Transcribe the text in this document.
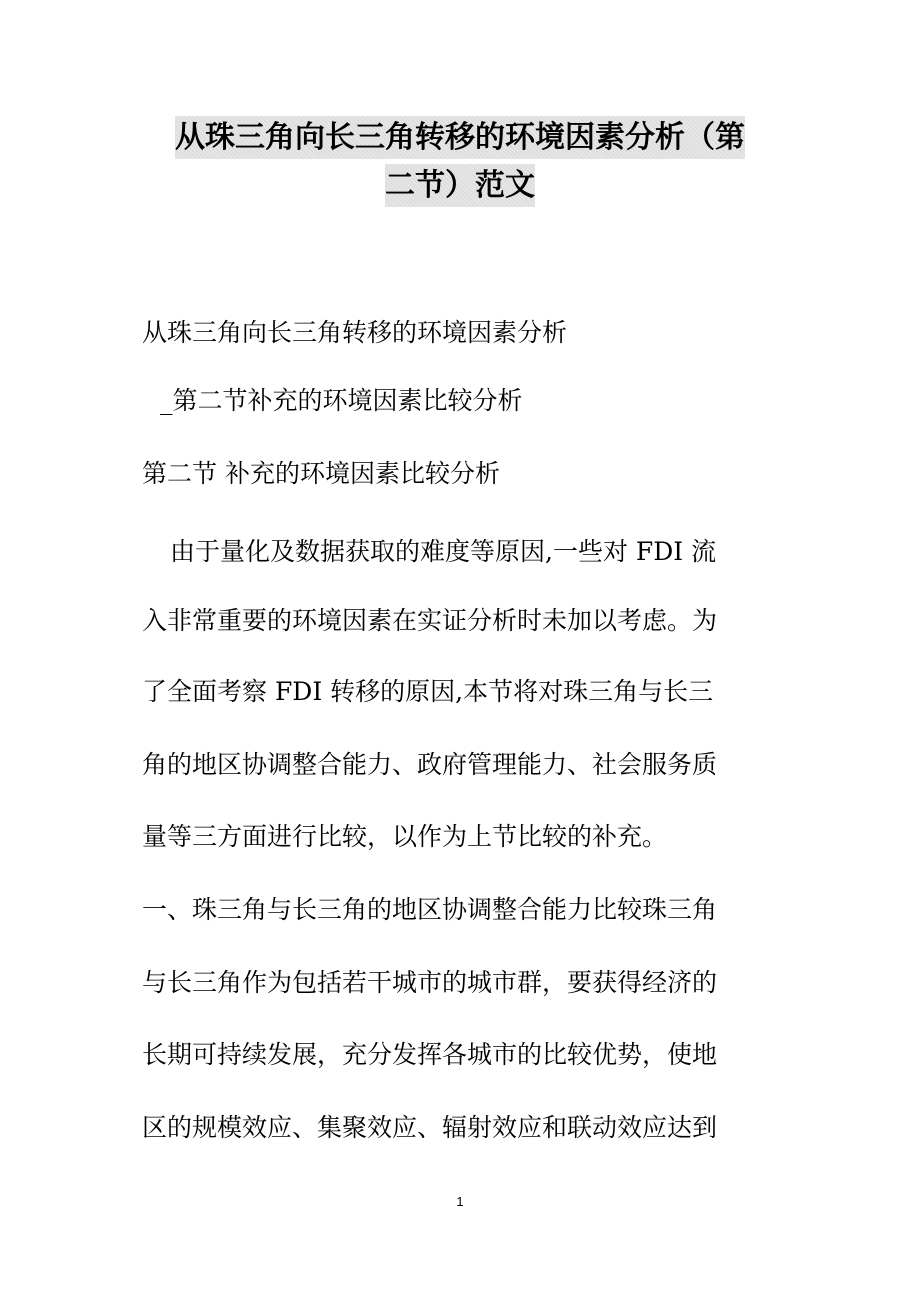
从珠三角向长三角转移的环境因素分析（第
二节）范文
从珠三角向长三角转移的环境因素分析
_第二节补充的环境因素比较分析
第二节 补充的环境因素比较分析
由于量化及数据获取的难度等原因,一些对 FDI 流
入非常重要的环境因素在实证分析时未加以考虑。为
了全面考察 FDI 转移的原因,本节将对珠三角与长三
角的地区协调整合能力、政府管理能力、社会服务质
量等三方面进行比较，以作为上节比较的补充。
一、珠三角与长三角的地区协调整合能力比较珠三角
与长三角作为包括若干城市的城市群，要获得经济的
长期可持续发展，充分发挥各城市的比较优势，使地
区的规模效应、集聚效应、辐射效应和联动效应达到
1
